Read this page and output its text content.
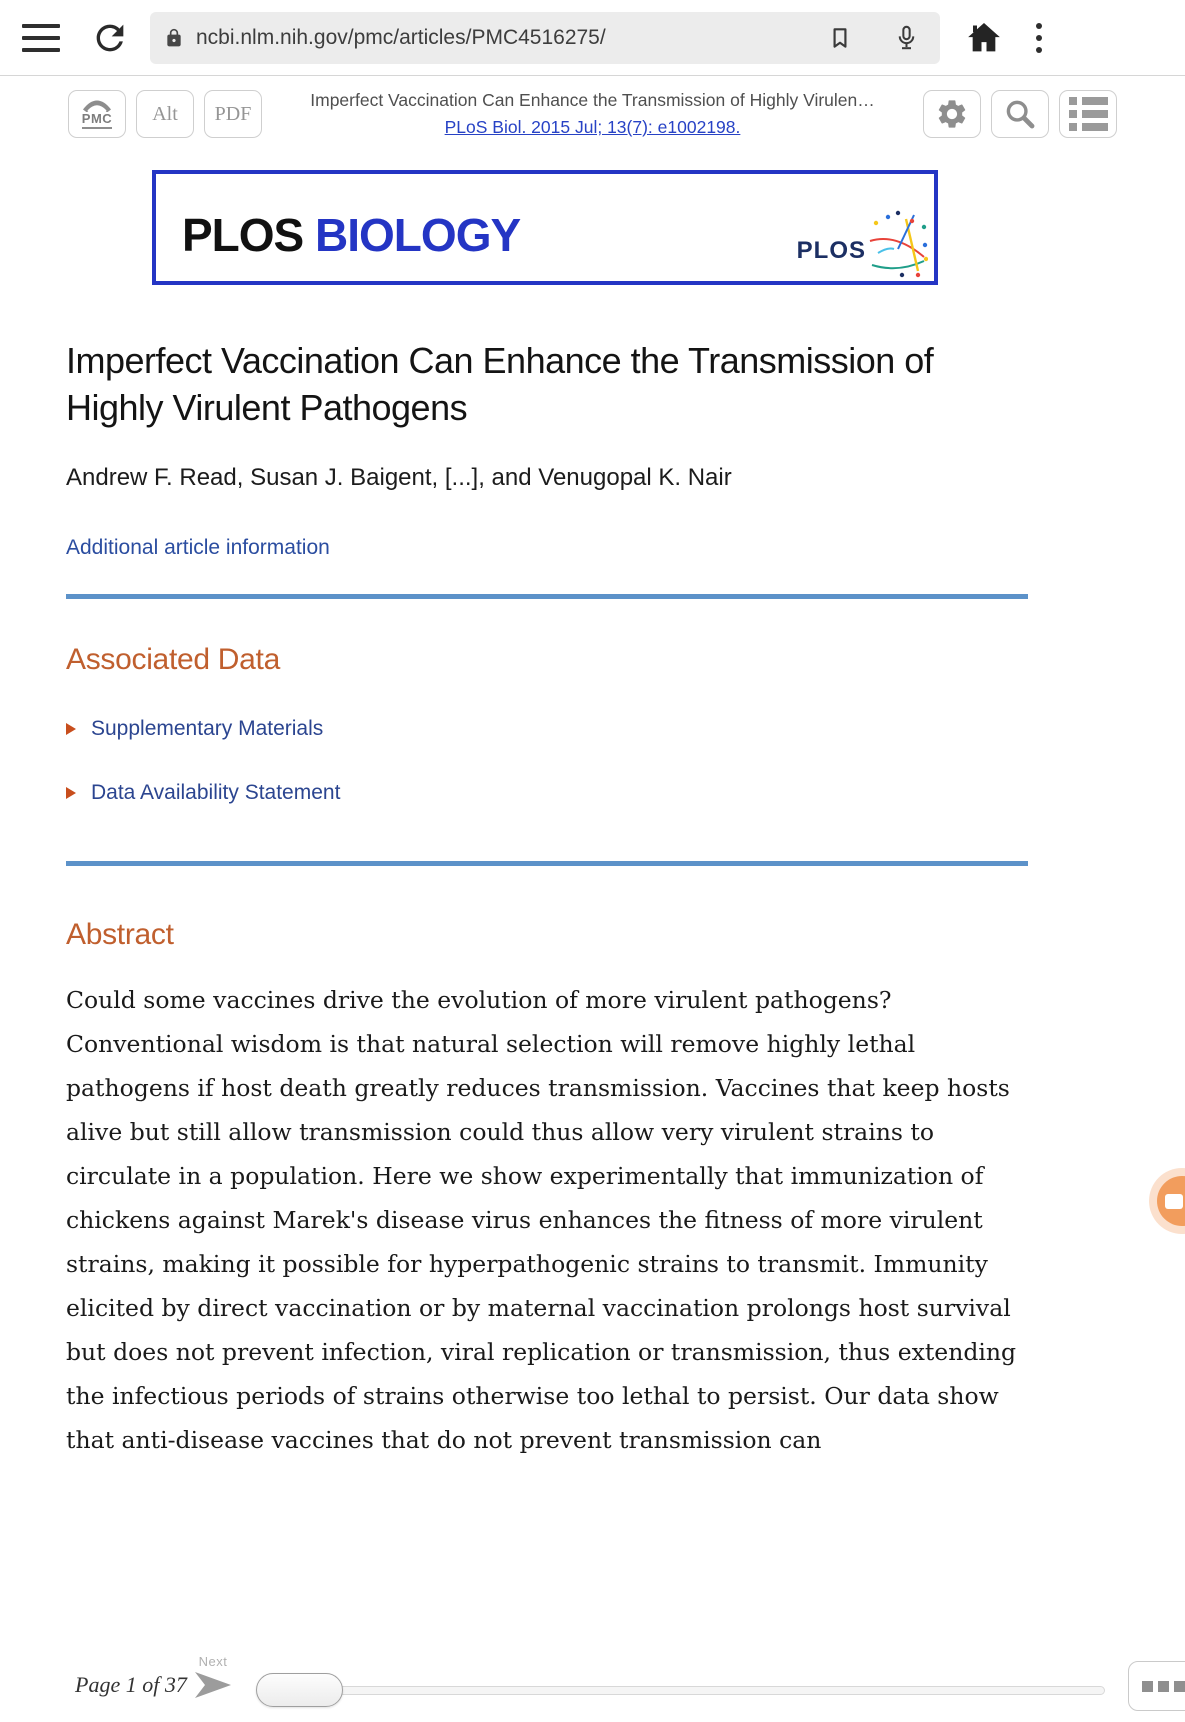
ncbi.nlm.nih.gov/pmc/articles/PMC4516275/
PMC Alt PDF
Imperfect Vaccination Can Enhance the Transmission of Highly Virulen…
PLoS Biol. 2015 Jul; 13(7): e1002198.
PLOS BIOLOGY	PLOS
Imperfect Vaccination Can Enhance the Transmission of Highly Virulent Pathogens
Andrew F. Read, Susan J. Baigent, [...], and Venugopal K. Nair
Additional article information
Associated Data
Supplementary Materials
Data Availability Statement
Abstract

Could some vaccines drive the evolution of more virulent pathogens? Conventional wisdom is that natural selection will remove highly lethal pathogens if host death greatly reduces transmission. Vaccines that keep hosts alive but still allow transmission could thus allow very virulent strains to circulate in a population. Here we show experimentally that immunization of chickens against Marek's disease virus enhances the fitness of more virulent strains, making it possible for hyperpathogenic strains to transmit. Immunity elicited by direct vaccination or by maternal vaccination prolongs host survival but does not prevent infection, viral replication or transmission, thus extending the infectious periods of strains otherwise too lethal to persist. Our data show that anti-disease vaccines that do not prevent transmission can

Page 1 of 37
Next
